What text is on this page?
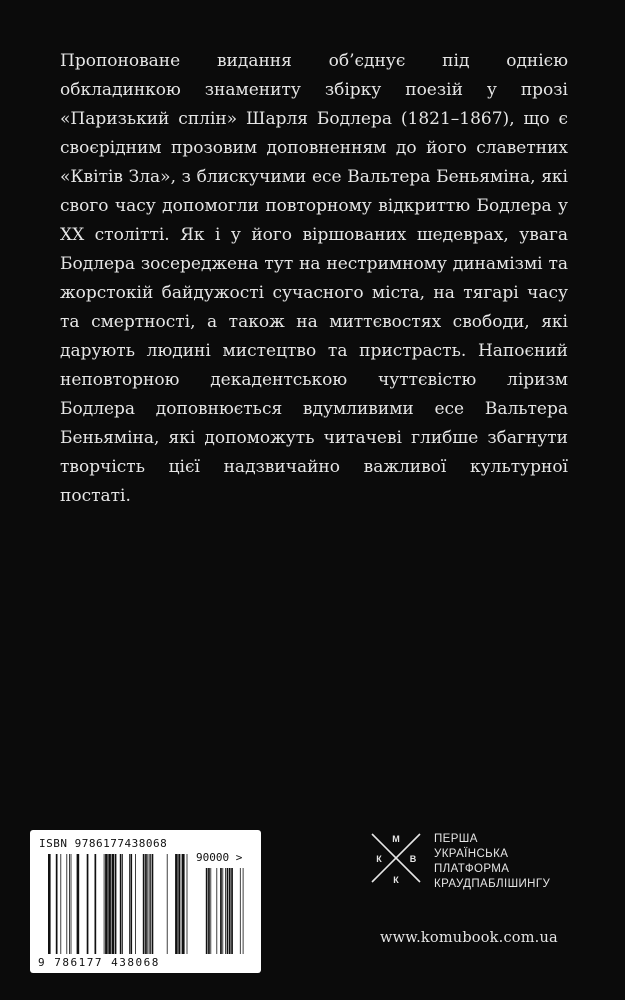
Пропоноване видання об’єднує під однією обкладинкою знамениту збірку поезій у прозі «Паризький сплін» Шарля Бодлера (1821–1867), що є своєрідним прозовим доповненням до його славетних «Квітів Зла», з блискучими есе Вальтера Беньяміна, які свого часу допомогли повторному відкриттю Бодлера у ХХ столітті. Як і у його віршованих шедеврах, увага Бодлера зосереджена тут на нестримному динамізмі та жорстокій байдужості сучасного міста, на тягарі часу та смертності, а також на миттєвостях свободи, які дарують людині мистецтво та пристрасть. Напоєний неповторною декадентською чуттєвістю ліризм Бодлера доповнюється вдумливими есе Вальтера Беньяміна, які допоможуть читачеві глибше збагнути творчість цієї надзвичайно важливої культурної постаті.

ISBN 9786177438068
90000 >
9 786177 438068
М
К	В
К

ПЕРША
УКРАЇНСЬКА
ПЛАТФОРМА
КРАУДПАБЛІШИНГУ

www.komubook.com.ua
